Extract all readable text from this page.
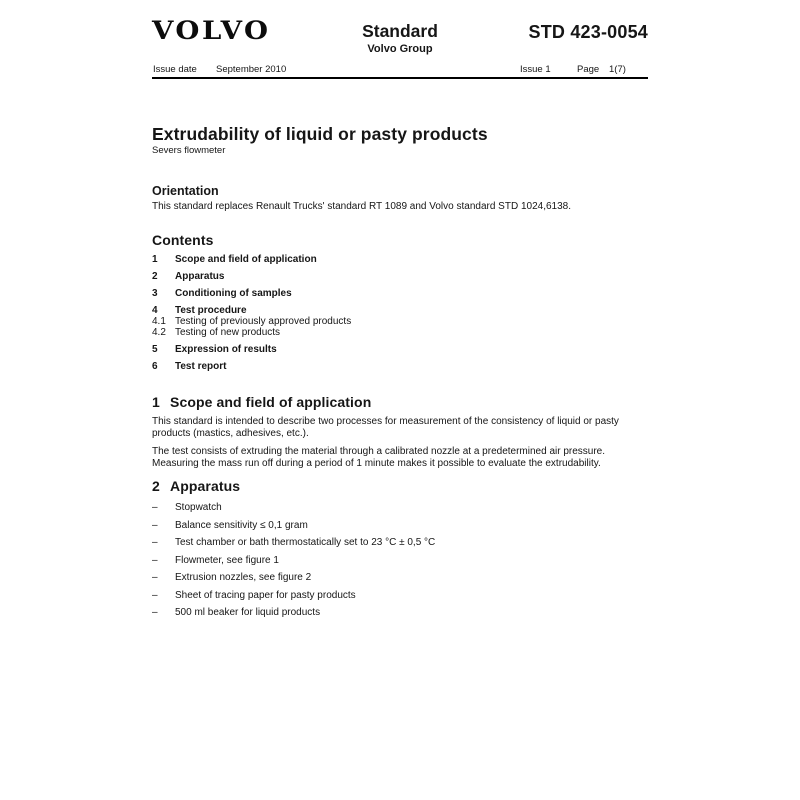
VOLVO	Standard
Volvo Group
STD 423-0054
Issue date September 2010	Issue 1	Page 1(7)
Extrudability of liquid or pasty products
Severs flowmeter
Orientation
This standard replaces Renault Trucks' standard RT 1089 and Volvo standard STD 1024,6138.
Contents
1	Scope and field of application
2	Apparatus
3	Conditioning of samples
4	Test procedure
4.1 Testing of previously approved products
4.2 Testing of new products
5	Expression of results
6	Test report
1 Scope and field of application
This standard is intended to describe two processes for measurement of the consistency of liquid or pasty products (mastics, adhesives, etc.).
The test consists of extruding the material through a calibrated nozzle at a predetermined air pressure. Measuring the mass run off during a period of 1 minute makes it possible to evaluate the extrudability.
2 Apparatus
–	Stopwatch
–	Balance sensitivity ≤ 0,1 gram
–	Test chamber or bath thermostatically set to 23 °C ± 0,5 °C
–	Flowmeter, see figure 1
–	Extrusion nozzles, see figure 2
–	Sheet of tracing paper for pasty products
–	500 ml beaker for liquid products
